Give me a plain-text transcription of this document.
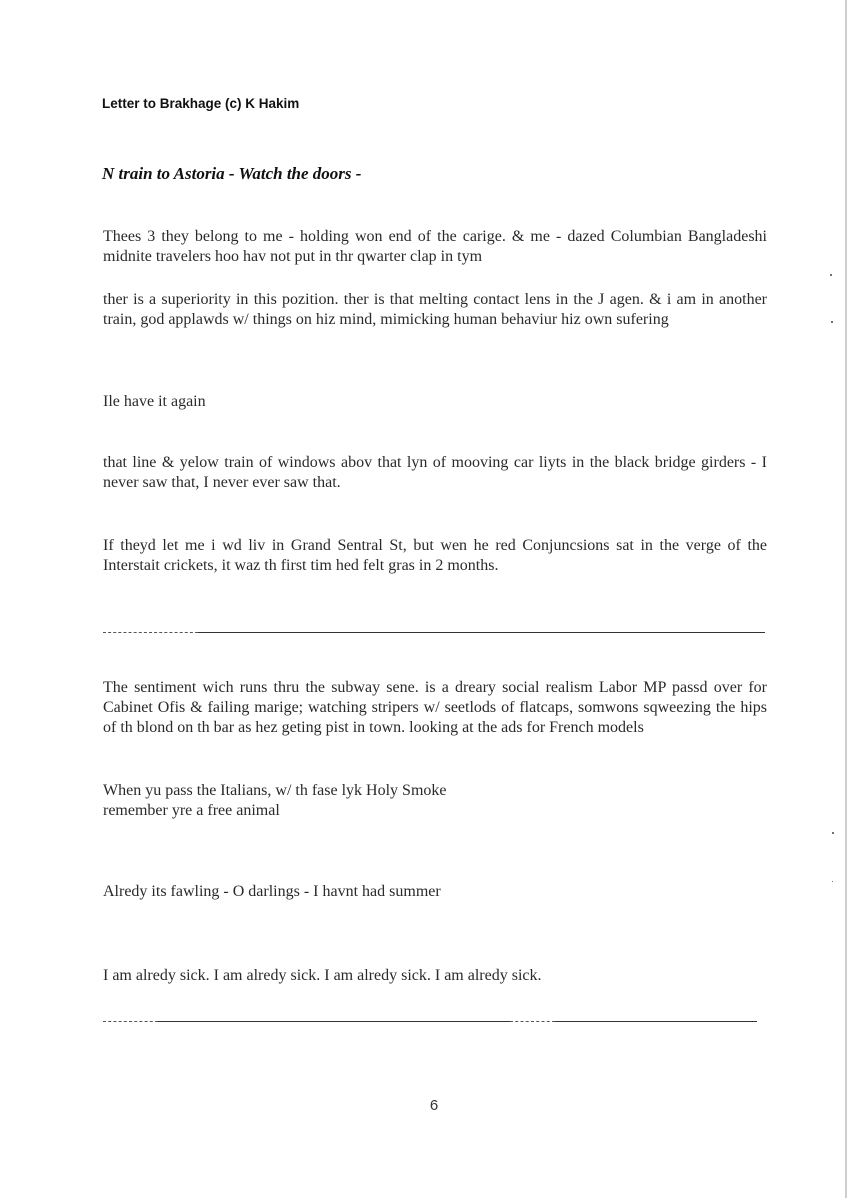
Letter to Brakhage (c) K Hakim
N train to Astoria - Watch the doors -
Thees 3 they belong to me - holding won end of the carige. & me - dazed Columbian Bangladeshi midnite travelers hoo hav not put in thr qwarter clap in tym
ther is a superiority in this pozition. ther is that melting contact lens in the J agen. & i am in another train, god applawds w/ things on hiz mind, mimicking human behaviur hiz own sufering
Ile have it again
that line & yelow train of windows abov that lyn of mooving car liyts in the black bridge girders - I never saw that, I never ever saw that.
If theyd let me i wd liv in Grand Sentral St, but wen he red Conjuncsions sat in the verge of the Interstait crickets, it waz th first tim hed felt gras in 2 months.
The sentiment wich runs thru the subway sene. is a dreary social realism Labor MP passd over for Cabinet Ofis & failing marige; watching stripers w/ seetlods of flatcaps, somwons sqweezing the hips of th blond on th bar as hez geting pist in town. looking at the ads for French models
When yu pass the Italians, w/ th fase lyk Holy Smoke
remember yre a free animal
Alredy its fawling - O darlings - I havnt had summer
I am alredy sick. I am alredy sick. I am alredy sick. I am alredy sick.
6
